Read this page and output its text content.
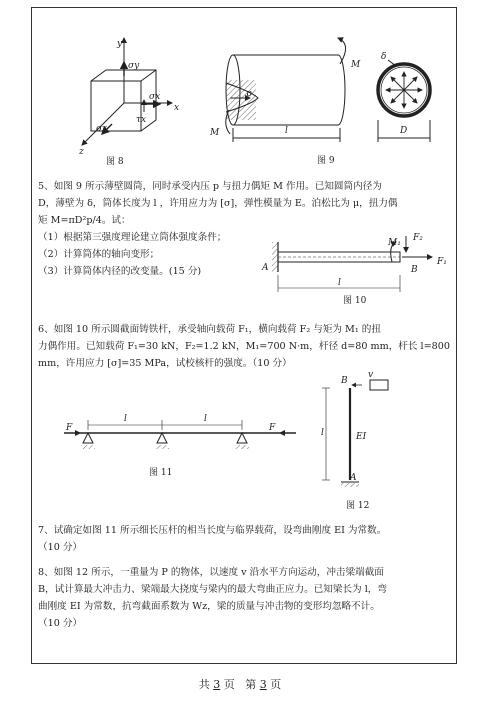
y
x
z
σy
σx
σz
τx
图 8
M
M
p
l
图 9
δ
D
F₂
M₁
F₁
A	B
l
图 10
F	F
l	l
图 11
B
v
l	EI
A
图 12
5、如图 9 所示薄壁圆筒，同时承受内压 p 与扭力偶矩 M 作用。已知圆筒内径为
D，薄壁为 δ，筒体长度为 l ，许用应力为 [σ]，弹性模量为 E。泊松比为 μ，扭力偶
矩 M=πD²p/4。试：
（1）根据第三强度理论建立筒体强度条件；
（2）计算筒体的轴向变形；
（3）计算筒体内径的改变量。(15 分)
6、如图 10 所示圆截面铸铁杆，承受轴向载荷 F₁，横向载荷 F₂ 与矩为 M₁ 的扭
力偶作用。已知载荷 F₁=30 kN，F₂=1.2 kN，M₁=700 N·m，杆径 d=80 mm，杆长 l=800
mm，许用应力 [σ]=35 MPa，试校核杆的强度。（10 分）
7、试确定如图 11 所示细长压杆的相当长度与临界载荷，设弯曲刚度 EI 为常数。
（10 分）
8、如图 12 所示，一重量为 P 的物体，以速度 v 沿水平方向运动，冲击梁端截面
B，试计算最大冲击力、梁端最大挠度与梁内的最大弯曲正应力。已知梁长为 l，弯
曲刚度 EI 为常数，抗弯截面系数为 Wz，梁的质量与冲击物的变形均忽略不计。
（10 分）
共 3 页 第 3 页
